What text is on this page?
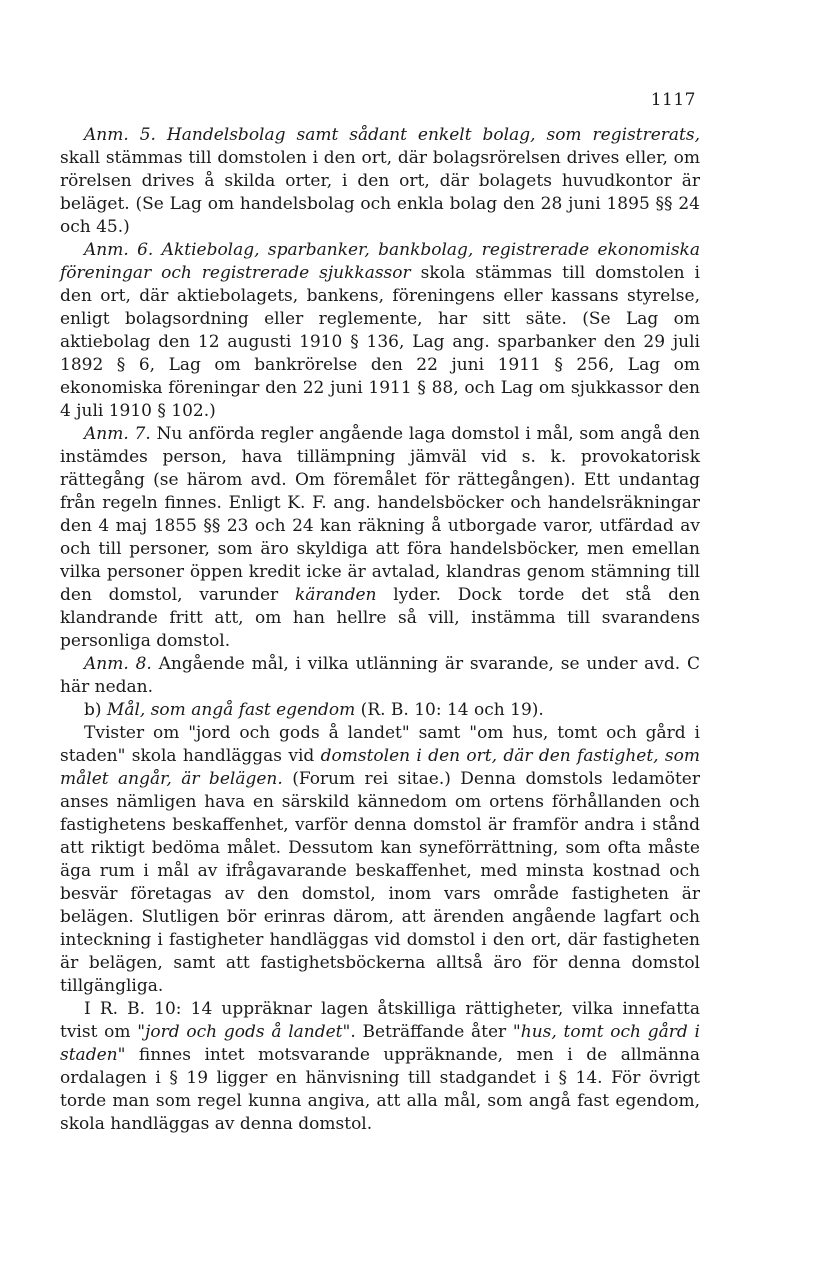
1117

Anm. 5. Handelsbolag samt sådant enkelt bolag, som registrerats, skall stämmas till domstolen i den ort, där bolagsrörelsen drives eller, om rörelsen drives å skilda orter, i den ort, där bolagets huvudkontor är beläget. (Se Lag om handelsbolag och enkla bolag den 28 juni 1895 §§ 24 och 45.)

Anm. 6. Aktiebolag, sparbanker, bankbolag, registrerade ekonomiska föreningar och registrerade sjukkassor skola stämmas till domstolen i den ort, där aktiebolagets, bankens, föreningens eller kassans styrelse, enligt bolagsordning eller reglemente, har sitt säte. (Se Lag om aktiebolag den 12 augusti 1910 § 136, Lag ang. sparbanker den 29 juli 1892 § 6, Lag om bankrörelse den 22 juni 1911 § 256, Lag om ekonomiska föreningar den 22 juni 1911 § 88, och Lag om sjukkassor den 4 juli 1910 § 102.)

Anm. 7. Nu anförda regler angående laga domstol i mål, som angå den instämdes person, hava tillämpning jämväl vid s. k. provokatorisk rättegång (se härom avd. Om föremålet för rättegången). Ett undantag från regeln finnes. Enligt K. F. ang. handelsböcker och handelsräkningar den 4 maj 1855 §§ 23 och 24 kan räkning å utborgade varor, utfärdad av och till personer, som äro skyldiga att föra handelsböcker, men emellan vilka personer öppen kredit icke är avtalad, klandras genom stämning till den domstol, varunder käranden lyder. Dock torde det stå den klandrande fritt att, om han hellre så vill, instämma till svarandens personliga domstol.

Anm. 8. Angående mål, i vilka utlänning är svarande, se under avd. C här nedan.

b) Mål, som angå fast egendom (R. B. 10: 14 och 19).

Tvister om "jord och gods å landet" samt "om hus, tomt och gård i staden" skola handläggas vid domstolen i den ort, där den fastighet, som målet angår, är belägen. (Forum rei sitae.) Denna domstols ledamöter anses nämligen hava en särskild kännedom om ortens förhållanden och fastighetens beskaffenhet, varför denna domstol är framför andra i stånd att riktigt bedöma målet. Dessutom kan syneförrättning, som ofta måste äga rum i mål av ifrågavarande beskaffenhet, med minsta kostnad och besvär företagas av den domstol, inom vars område fastigheten är belägen. Slutligen bör erinras därom, att ärenden angående lagfart och inteckning i fastigheter handläggas vid domstol i den ort, där fastigheten är belägen, samt att fastighetsböckerna alltså äro för denna domstol tillgängliga.

I R. B. 10: 14 uppräknar lagen åtskilliga rättigheter, vilka innefatta tvist om "jord och gods å landet". Beträffande åter "hus, tomt och gård i staden" finnes intet motsvarande uppräknande, men i de allmänna ordalagen i § 19 ligger en hänvisning till stadgandet i § 14. För övrigt torde man som regel kunna angiva, att alla mål, som angå fast egendom, skola handläggas av denna domstol.
